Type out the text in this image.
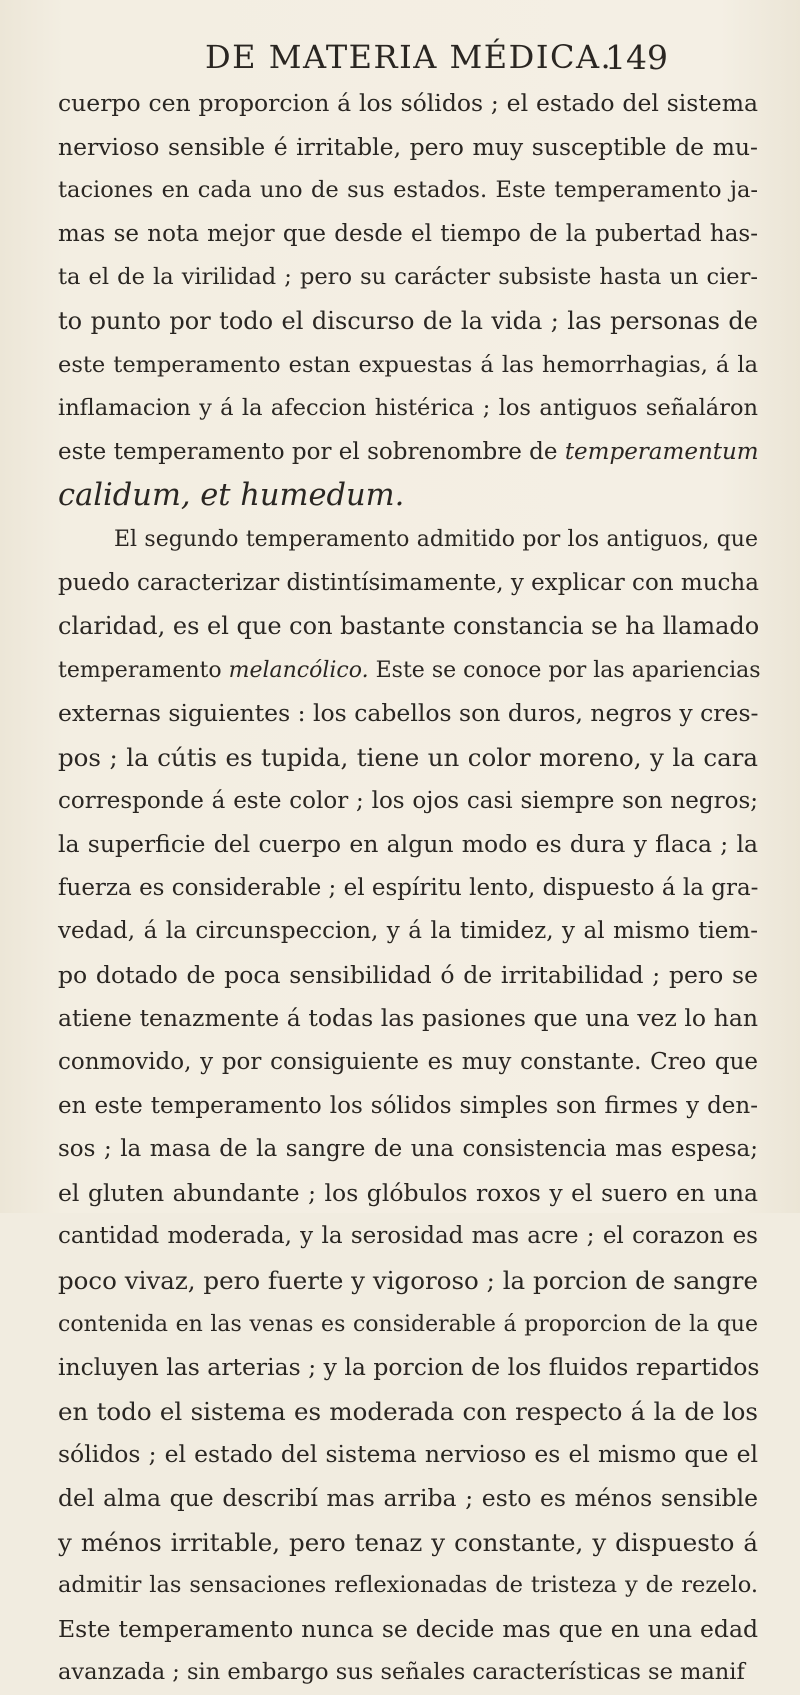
DE MATERIA MÉDICA.
149
cuerpo cen proporcion á los sólidos ; el estado del sistema
nervioso sensible é irritable, pero muy susceptible de mu-
taciones en cada uno de sus estados. Este temperamento ja-
mas se nota mejor que desde el tiempo de la pubertad has-
ta el de la virilidad ; pero su carácter subsiste hasta un cier-
to punto por todo el discurso de la vida ; las personas de
este temperamento estan expuestas á las hemorrhagias, á la
inflamacion y á la afeccion histérica ; los antiguos señaláron
este temperamento por el sobrenombre de temperamentum
calidum, et humedum.
El segundo temperamento admitido por los antiguos, que
puedo caracterizar distintísimamente, y explicar con mucha
claridad, es el que con bastante constancia se ha llamado
temperamento melancólico. Este se conoce por las apariencias
externas siguientes : los cabellos son duros, negros y cres-
pos ; la cútis es tupida, tiene un color moreno, y la cara
corresponde á este color ; los ojos casi siempre son negros;
la superficie del cuerpo en algun modo es dura y flaca ; la
fuerza es considerable ; el espíritu lento, dispuesto á la gra-
vedad, á la circunspeccion, y á la timidez, y al mismo tiem-
po dotado de poca sensibilidad ó de irritabilidad ; pero se
atiene tenazmente á todas las pasiones que una vez lo han
conmovido, y por consiguiente es muy constante. Creo que
en este temperamento los sólidos simples son firmes y den-
sos ; la masa de la sangre de una consistencia mas espesa;
el gluten abundante ; los glóbulos roxos y el suero en una
cantidad moderada, y la serosidad mas acre ; el corazon es
poco vivaz, pero fuerte y vigoroso ; la porcion de sangre
contenida en las venas es considerable á proporcion de la que
incluyen las arterias ; y la porcion de los fluidos repartidos
en todo el sistema es moderada con respecto á la de los
sólidos ; el estado del sistema nervioso es el mismo que el
del alma que describí mas arriba ; esto es ménos sensible
y ménos irritable, pero tenaz y constante, y dispuesto á
admitir las sensaciones reflexionadas de tristeza y de rezelo.
Este temperamento nunca se decide mas que en una edad
avanzada ; sin embargo sus señales características se manif
